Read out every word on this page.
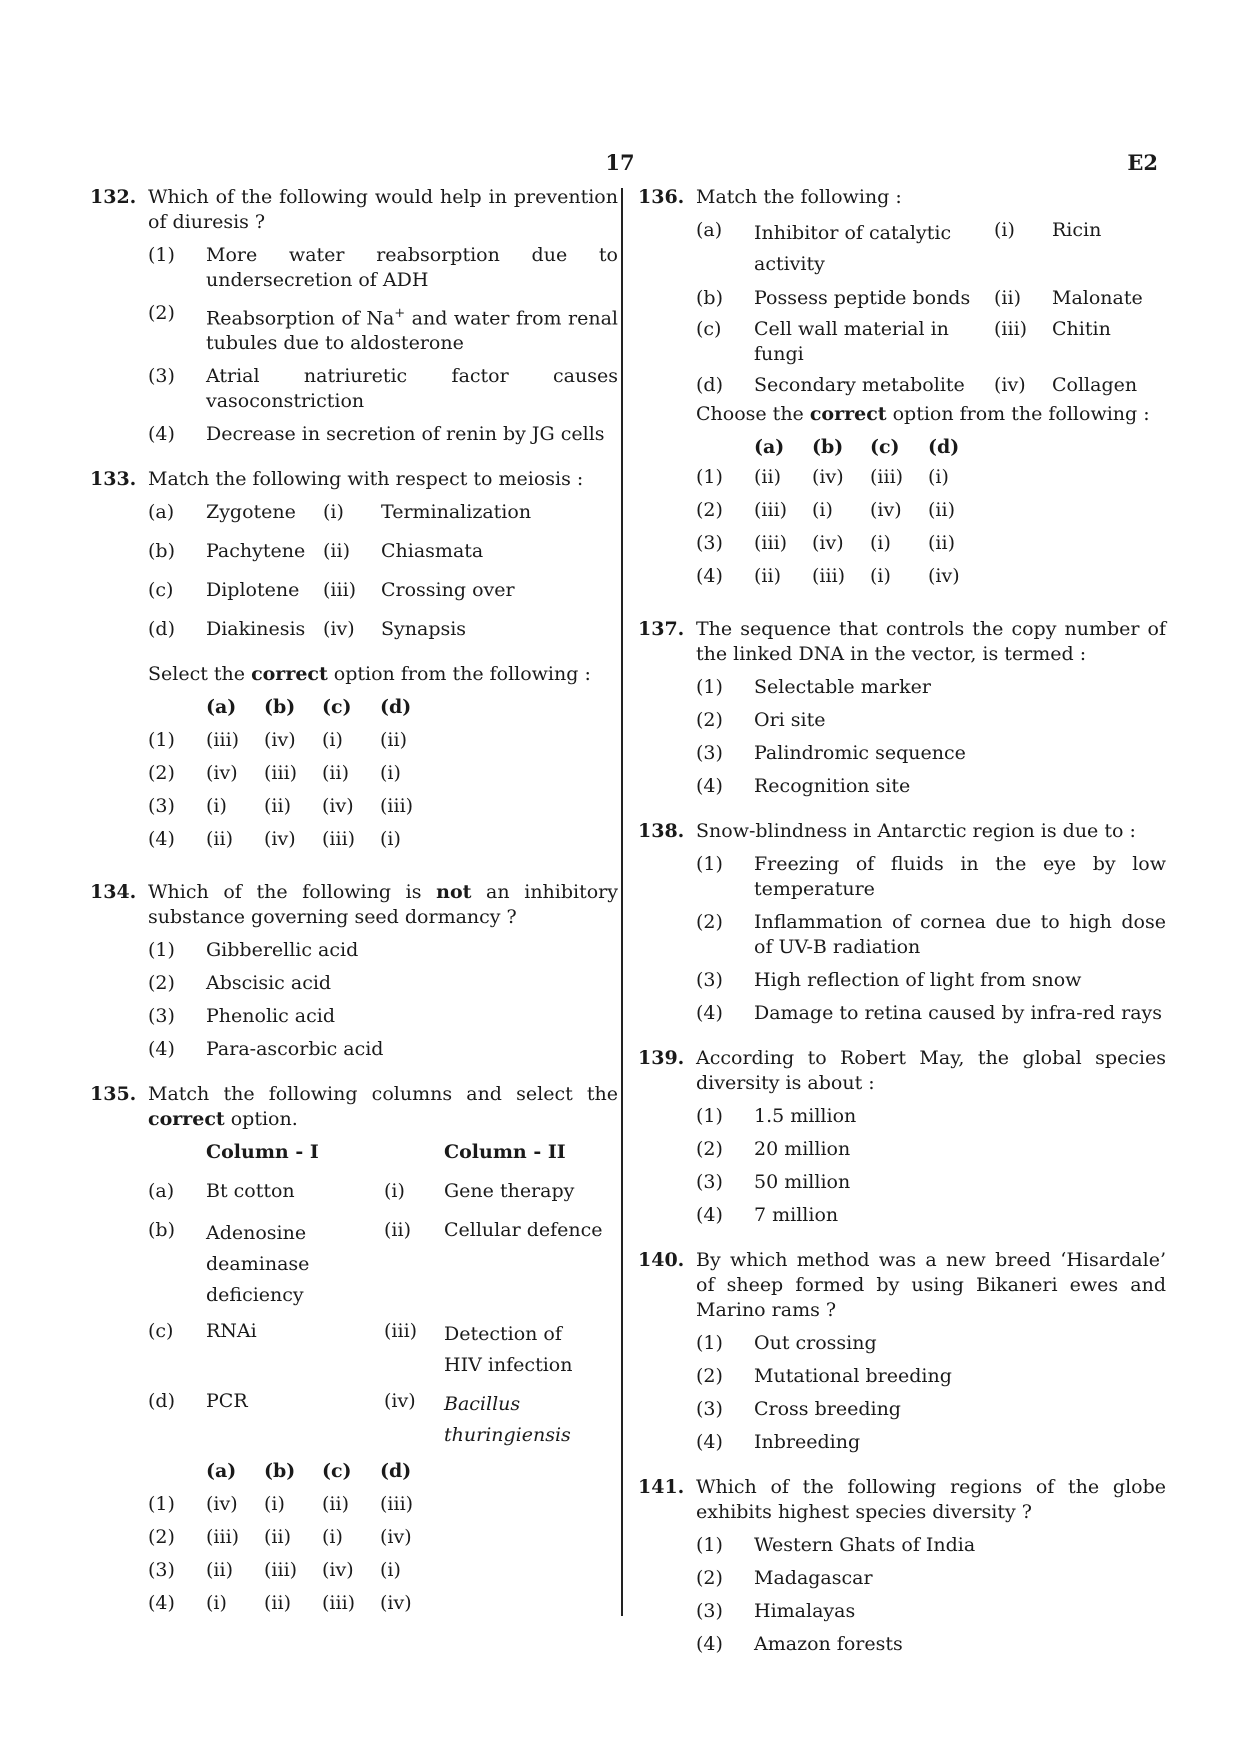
17	E2
132. Which of the following would help in prevention of diuresis ?
(1)	More water reabsorption due to undersecretion of ADH
(2)	Reabsorption of Na+ and water from renal tubules due to aldosterone
(3)	Atrial natriuretic factor causes vasoconstriction
(4)	Decrease in secretion of renin by JG cells
133. Match the following with respect to meiosis :
(a)	Zygotene	(i)	Terminalization
(b)	Pachytene	(ii)	Chiasmata
(c)	Diplotene	(iii)	Crossing over
(d)	Diakinesis	(iv)	Synapsis
Select the correct option from the following :
	(a)	(b)	(c)	(d)
(1)	(iii)	(iv)	(i)	(ii)
(2)	(iv)	(iii)	(ii)	(i)
(3)	(i)	(ii)	(iv)	(iii)
(4)	(ii)	(iv)	(iii)	(i)
134. Which of the following is not an inhibitory substance governing seed dormancy ?
(1)	Gibberellic acid
(2)	Abscisic acid
(3)	Phenolic acid
(4)	Para-ascorbic acid
135. Match the following columns and select the correct option.
	Column - I		Column - II
(a)	Bt cotton	(i)	Gene therapy
(b)	Adenosine deaminase deficiency	(ii)	Cellular defence
(c)	RNAi	(iii)	Detection of HIV infection
(d)	PCR	(iv)	Bacillus thuringiensis
	(a)	(b)	(c)	(d)
(1)	(iv)	(i)	(ii)	(iii)
(2)	(iii)	(ii)	(i)	(iv)
(3)	(ii)	(iii)	(iv)	(i)
(4)	(i)	(ii)	(iii)	(iv)
136. Match the following :
(a)	Inhibitor of catalytic activity	(i)	Ricin
(b)	Possess peptide bonds	(ii)	Malonate
(c)	Cell wall material in fungi	(iii)	Chitin
(d)	Secondary metabolite	(iv)	Collagen
Choose the correct option from the following :
	(a)	(b)	(c)	(d)
(1)	(ii)	(iv)	(iii)	(i)
(2)	(iii)	(i)	(iv)	(ii)
(3)	(iii)	(iv)	(i)	(ii)
(4)	(ii)	(iii)	(i)	(iv)
137. The sequence that controls the copy number of the linked DNA in the vector, is termed :
(1)	Selectable marker
(2)	Ori site
(3)	Palindromic sequence
(4)	Recognition site
138. Snow-blindness in Antarctic region is due to :
(1)	Freezing of fluids in the eye by low temperature
(2)	Inflammation of cornea due to high dose of UV-B radiation
(3)	High reflection of light from snow
(4)	Damage to retina caused by infra-red rays
139. According to Robert May, the global species diversity is about :
(1)	1.5 million
(2)	20 million
(3)	50 million
(4)	7 million
140. By which method was a new breed ‘Hisardale’ of sheep formed by using Bikaneri ewes and Marino rams ?
(1)	Out crossing
(2)	Mutational breeding
(3)	Cross breeding
(4)	Inbreeding
141. Which of the following regions of the globe exhibits highest species diversity ?
(1)	Western Ghats of India
(2)	Madagascar
(3)	Himalayas
(4)	Amazon forests
